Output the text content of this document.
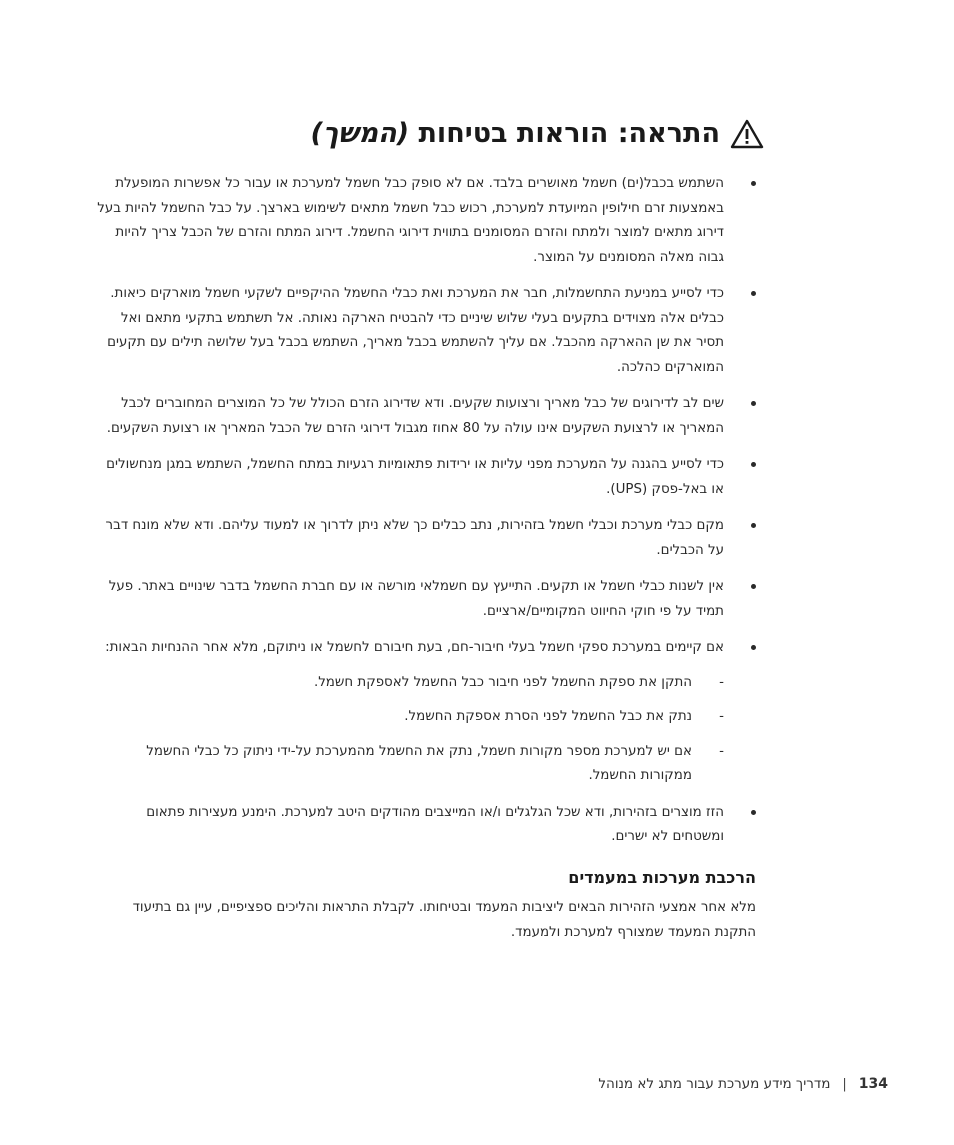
התראה: הוראות בטיחות (המשך)
השתמש בכבל(ים) חשמל מאושרים בלבד. אם לא סופק כבל חשמל למערכת או עבור כל אפשרות המופעלת באמצעות זרם חילופין המיועדת למערכת, רכוש כבל חשמל מתאים לשימוש בארצך. על כבל החשמל להיות בעל דירוג מתאים למוצר ולמתח והזרם המסומנים בתווית דירוגי החשמל. דירוג המתח והזרם של הכבל צריך להיות גבוה מאלה המסומנים על המוצר.
כדי לסייע במניעת התחשמלות, חבר את המערכת ואת כבלי החשמל ההיקפיים לשקעי חשמל מוארקים כיאות. כבלים אלה מצוידים בתקעים בעלי שלוש שיניים כדי להבטיח הארקה נאותה. אל תשתמש בתקעי מתאם ואל תסיר את שן ההארקה מהכבל. אם עליך להשתמש בכבל מאריך, השתמש בכבל בעל שלושה תילים עם תקעים המוארקים כהלכה.
שים לב לדירוגים של כבל מאריך ורצועות שקעים. ודא שדירוג הזרם הכולל של כל המוצרים המחוברים לכבל המאריך או לרצועת השקעים אינו עולה על 80 אחוז מגבול דירוגי הזרם של הכבל המאריך או רצועת השקעים.
כדי לסייע בהגנה על המערכת מפני עליות או ירידות פתאומיות רגעיות במתח החשמל, השתמש במגן מנחשולים או באל-פסק (UPS).
מקם כבלי מערכת וכבלי חשמל בזהירות, נתב כבלים כך שלא ניתן לדרוך או למעוד עליהם. ודא שלא מונח דבר על הכבלים.
אין לשנות כבלי חשמל או תקעים. התייעץ עם חשמלאי מורשה או עם חברת החשמל בדבר שינויים באתר. פעל תמיד על פי חוקי החיווט המקומיים/ארציים.
אם קיימים במערכת ספקי חשמל בעלי חיבור-חם, בעת חיבורם לחשמל או ניתוקם, מלא אחר ההנחיות הבאות:
-
התקן את ספקת החשמל לפני חיבור כבל החשמל לאספקת חשמל.
-
נתק את כבל החשמל לפני הסרת אספקת החשמל.
-
אם יש למערכת מספר מקורות חשמל, נתק את החשמל מהמערכת על-ידי ניתוק כל כבלי החשמל ממקורות החשמל.
הזז מוצרים בזהירות, ודא שכל הגלגלים ו/או המייצבים מהודקים היטב למערכת. הימנע מעצירות פתאום ומשטחים לא ישרים.
הרכבת מערכות במעמדים
מלא אחר אמצעי הזהירות הבאים ליציבות המעמד ובטיחותו. לקבלת התראות והליכים ספציפיים, עיין גם בתיעוד התקנת המעמד שמצורף למערכת ולמעמד.
134
|
מדריך מידע מערכת עבור מתג לא מנוהל
